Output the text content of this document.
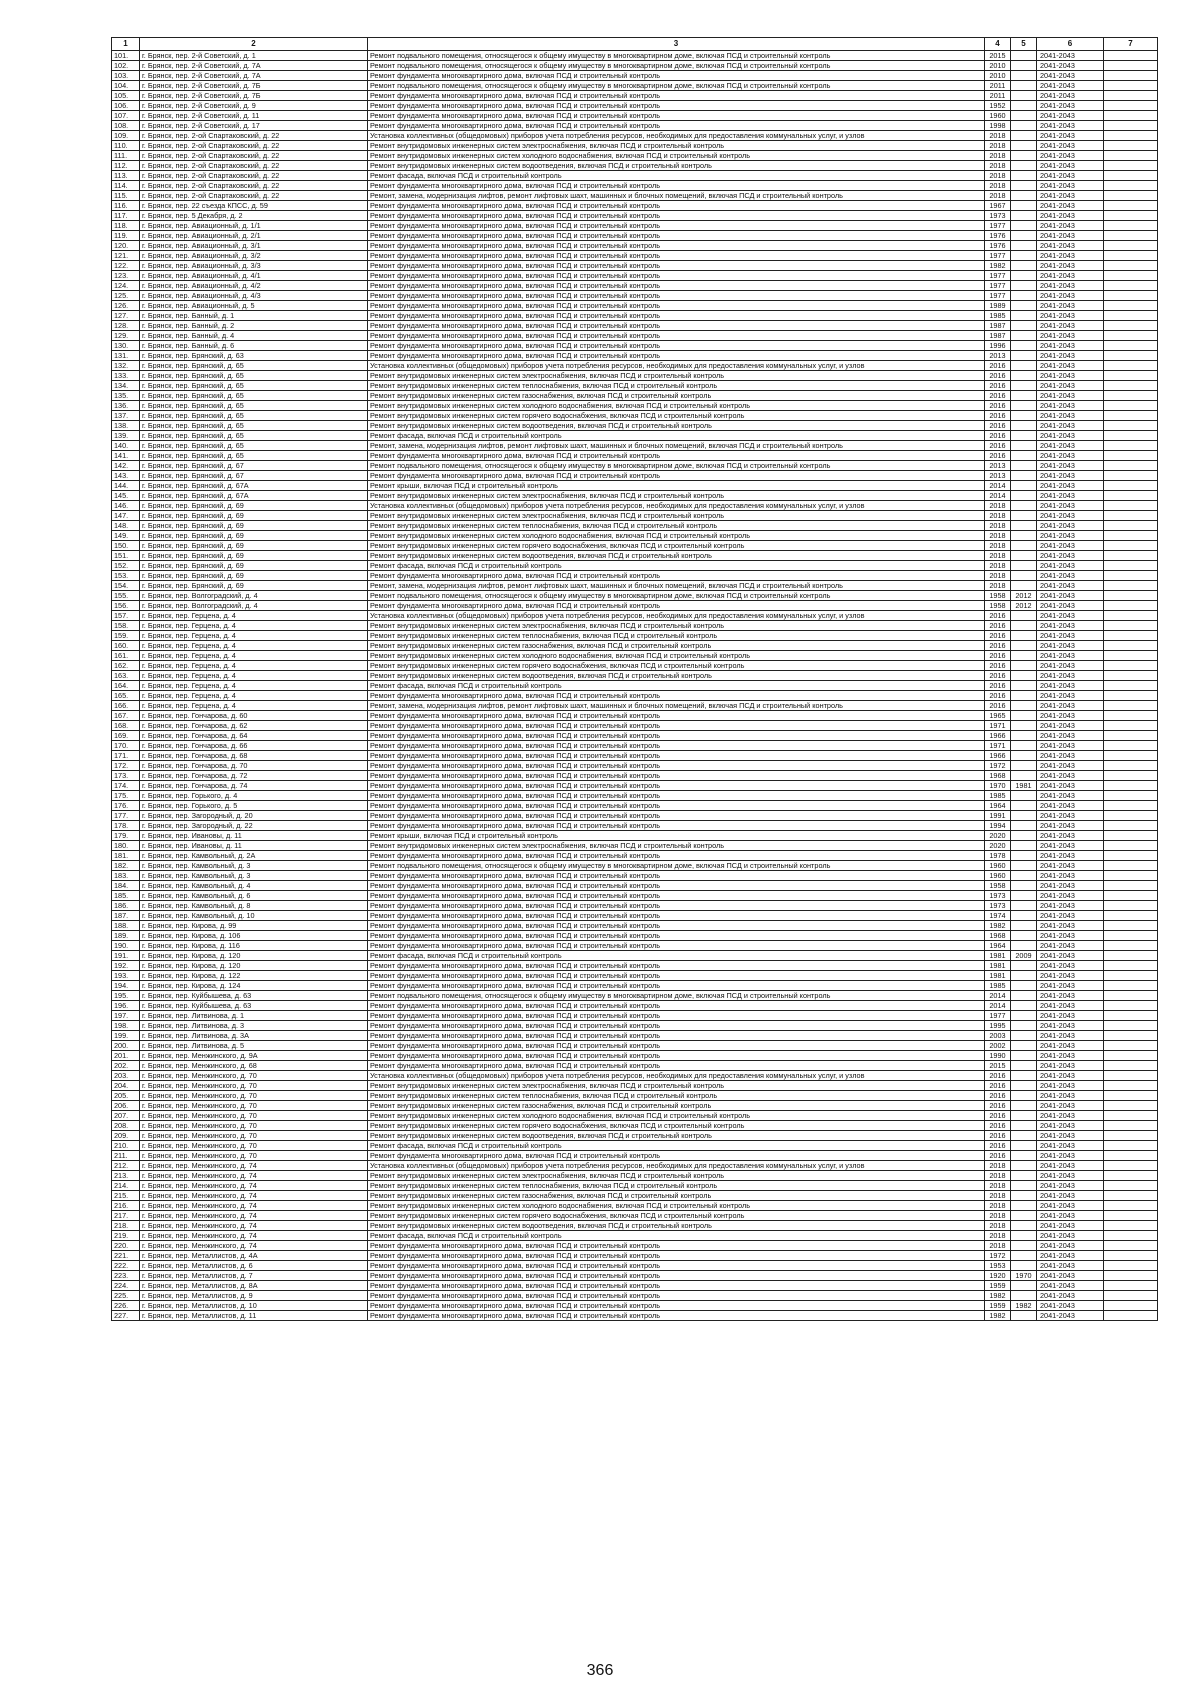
1	2	3	4	5	6	7
101.	г. Брянск, пер. 2-й Советский, д. 1	Ремонт подвального помещения, относящегося к общему имуществу в многоквартирном доме, включая ПСД и строительный контроль	2015		2041-2043	
102.	г. Брянск, пер. 2-й Советский, д. 7А	Ремонт подвального помещения, относящегося к общему имуществу в многоквартирном доме, включая ПСД и строительный контроль	2010		2041-2043	
103.	г. Брянск, пер. 2-й Советский, д. 7А	Ремонт фундамента многоквартирного дома, включая ПСД и строительный контроль	2010		2041-2043	
104.	г. Брянск, пер. 2-й Советский, д. 7Б	Ремонт подвального помещения, относящегося к общему имуществу в многоквартирном доме, включая ПСД и строительный контроль	2011		2041-2043	
105.	г. Брянск, пер. 2-й Советский, д. 7Б	Ремонт фундамента многоквартирного дома, включая ПСД и строительный контроль	2011		2041-2043	
106.	г. Брянск, пер. 2-й Советский, д. 9	Ремонт фундамента многоквартирного дома, включая ПСД и строительный контроль	1952		2041-2043	
107.	г. Брянск, пер. 2-й Советский, д. 11	Ремонт фундамента многоквартирного дома, включая ПСД и строительный контроль	1960		2041-2043	
108.	г. Брянск, пер. 2-й Советский, д. 17	Ремонт фундамента многоквартирного дома, включая ПСД и строительный контроль	1998		2041-2043	
109.	г. Брянск, пер. 2-ой Спартаковский, д. 22	Установка коллективных (общедомовых) приборов учета потребления ресурсов, необходимых для предоставления коммунальных услуг, и узлов	2018		2041-2043	
110.	г. Брянск, пер. 2-ой Спартаковский, д. 22	Ремонт внутридомовых инженерных систем электроснабжения, включая ПСД и строительный контроль	2018		2041-2043	
111.	г. Брянск, пер. 2-ой Спартаковский, д. 22	Ремонт внутридомовых инженерных систем холодного водоснабжения, включая ПСД и строительный контроль	2018		2041-2043	
112.	г. Брянск, пер. 2-ой Спартаковский, д. 22	Ремонт внутридомовых инженерных систем водоотведения, включая ПСД и строительный контроль	2018		2041-2043	
113.	г. Брянск, пер. 2-ой Спартаковский, д. 22	Ремонт фасада, включая ПСД и строительный контроль	2018		2041-2043	
114.	г. Брянск, пер. 2-ой Спартаковский, д. 22	Ремонт фундамента многоквартирного дома, включая ПСД и строительный контроль	2018		2041-2043	
115.	г. Брянск, пер. 2-ой Спартаковский, д. 22	Ремонт, замена, модернизация лифтов, ремонт лифтовых шахт, машинных и блочных помещений, включая ПСД и строительный контроль	2018		2041-2043	
116.	г. Брянск, пер. 22 съезда КПСС, д. 59	Ремонт фундамента многоквартирного дома, включая ПСД и строительный контроль	1967		2041-2043	
117.	г. Брянск, пер. 5 Декабря, д. 2	Ремонт фундамента многоквартирного дома, включая ПСД и строительный контроль	1973		2041-2043	
118.	г. Брянск, пер. Авиационный, д. 1/1	Ремонт фундамента многоквартирного дома, включая ПСД и строительный контроль	1977		2041-2043	
119.	г. Брянск, пер. Авиационный, д. 2/1	Ремонт фундамента многоквартирного дома, включая ПСД и строительный контроль	1976		2041-2043	
120.	г. Брянск, пер. Авиационный, д. 3/1	Ремонт фундамента многоквартирного дома, включая ПСД и строительный контроль	1976		2041-2043	
121.	г. Брянск, пер. Авиационный, д. 3/2	Ремонт фундамента многоквартирного дома, включая ПСД и строительный контроль	1977		2041-2043	
122.	г. Брянск, пер. Авиационный, д. 3/3	Ремонт фундамента многоквартирного дома, включая ПСД и строительный контроль	1982		2041-2043	
123.	г. Брянск, пер. Авиационный, д. 4/1	Ремонт фундамента многоквартирного дома, включая ПСД и строительный контроль	1977		2041-2043	
124.	г. Брянск, пер. Авиационный, д. 4/2	Ремонт фундамента многоквартирного дома, включая ПСД и строительный контроль	1977		2041-2043	
125.	г. Брянск, пер. Авиационный, д. 4/3	Ремонт фундамента многоквартирного дома, включая ПСД и строительный контроль	1977		2041-2043	
126.	г. Брянск, пер. Авиационный, д. 5	Ремонт фундамента многоквартирного дома, включая ПСД и строительный контроль	1989		2041-2043	
127.	г. Брянск, пер. Банный, д. 1	Ремонт фундамента многоквартирного дома, включая ПСД и строительный контроль	1985		2041-2043	
128.	г. Брянск, пер. Банный, д. 2	Ремонт фундамента многоквартирного дома, включая ПСД и строительный контроль	1987		2041-2043	
129.	г. Брянск, пер. Банный, д. 4	Ремонт фундамента многоквартирного дома, включая ПСД и строительный контроль	1987		2041-2043	
130.	г. Брянск, пер. Банный, д. 6	Ремонт фундамента многоквартирного дома, включая ПСД и строительный контроль	1996		2041-2043	
131.	г. Брянск, пер. Брянский, д. 63	Ремонт фундамента многоквартирного дома, включая ПСД и строительный контроль	2013		2041-2043	
132.	г. Брянск, пер. Брянский, д. 65	Установка коллективных (общедомовых) приборов учета потребления ресурсов, необходимых для предоставления коммунальных услуг, и узлов	2016		2041-2043	
133.	г. Брянск, пер. Брянский, д. 65	Ремонт внутридомовых инженерных систем электроснабжения, включая ПСД и строительный контроль	2016		2041-2043	
134.	г. Брянск, пер. Брянский, д. 65	Ремонт внутридомовых инженерных систем теплоснабжения, включая ПСД и строительный контроль	2016		2041-2043	
135.	г. Брянск, пер. Брянский, д. 65	Ремонт внутридомовых инженерных систем газоснабжения, включая ПСД и строительный контроль	2016		2041-2043	
136.	г. Брянск, пер. Брянский, д. 65	Ремонт внутридомовых инженерных систем холодного водоснабжения, включая ПСД и строительный контроль	2016		2041-2043	
137.	г. Брянск, пер. Брянский, д. 65	Ремонт внутридомовых инженерных систем горячего водоснабжения, включая ПСД и строительный контроль	2016		2041-2043	
138.	г. Брянск, пер. Брянский, д. 65	Ремонт внутридомовых инженерных систем водоотведения, включая ПСД и строительный контроль	2016		2041-2043	
139.	г. Брянск, пер. Брянский, д. 65	Ремонт фасада, включая ПСД и строительный контроль	2016		2041-2043	
140.	г. Брянск, пер. Брянский, д. 65	Ремонт, замена, модернизация лифтов, ремонт лифтовых шахт, машинных и блочных помещений, включая ПСД и строительный контроль	2016		2041-2043	
141.	г. Брянск, пер. Брянский, д. 65	Ремонт фундамента многоквартирного дома, включая ПСД и строительный контроль	2016		2041-2043	
142.	г. Брянск, пер. Брянский, д. 67	Ремонт подвального помещения, относящегося к общему имуществу в многоквартирном доме, включая ПСД и строительный контроль	2013		2041-2043	
143.	г. Брянск, пер. Брянский, д. 67	Ремонт фундамента многоквартирного дома, включая ПСД и строительный контроль	2013		2041-2043	
144.	г. Брянск, пер. Брянский, д. 67А	Ремонт крыши, включая ПСД и строительный контроль	2014		2041-2043	
145.	г. Брянск, пер. Брянский, д. 67А	Ремонт внутридомовых инженерных систем электроснабжения, включая ПСД и строительный контроль	2014		2041-2043	
146.	г. Брянск, пер. Брянский, д. 69	Установка коллективных (общедомовых) приборов учета потребления ресурсов, необходимых для предоставления коммунальных услуг, и узлов	2018		2041-2043	
147.	г. Брянск, пер. Брянский, д. 69	Ремонт внутридомовых инженерных систем электроснабжения, включая ПСД и строительный контроль	2018		2041-2043	
148.	г. Брянск, пер. Брянский, д. 69	Ремонт внутридомовых инженерных систем теплоснабжения, включая ПСД и строительный контроль	2018		2041-2043	
149.	г. Брянск, пер. Брянский, д. 69	Ремонт внутридомовых инженерных систем холодного водоснабжения, включая ПСД и строительный контроль	2018		2041-2043	
150.	г. Брянск, пер. Брянский, д. 69	Ремонт внутридомовых инженерных систем горячего водоснабжения, включая ПСД и строительный контроль	2018		2041-2043	
151.	г. Брянск, пер. Брянский, д. 69	Ремонт внутридомовых инженерных систем водоотведения, включая ПСД и строительный контроль	2018		2041-2043	
152.	г. Брянск, пер. Брянский, д. 69	Ремонт фасада, включая ПСД и строительный контроль	2018		2041-2043	
153.	г. Брянск, пер. Брянский, д. 69	Ремонт фундамента многоквартирного дома, включая ПСД и строительный контроль	2018		2041-2043	
154.	г. Брянск, пер. Брянский, д. 69	Ремонт, замена, модернизация лифтов, ремонт лифтовых шахт, машинных и блочных помещений, включая ПСД и строительный контроль	2018		2041-2043	
155.	г. Брянск, пер. Волгоградский, д. 4	Ремонт подвального помещения, относящегося к общему имуществу в многоквартирном доме, включая ПСД и строительный контроль	1958	2012	2041-2043	
156.	г. Брянск, пер. Волгоградский, д. 4	Ремонт фундамента многоквартирного дома, включая ПСД и строительный контроль	1958	2012	2041-2043	
157.	г. Брянск, пер. Герцена, д. 4	Установка коллективных (общедомовых) приборов учета потребления ресурсов, необходимых для предоставления коммунальных услуг, и узлов	2016		2041-2043	
158.	г. Брянск, пер. Герцена, д. 4	Ремонт внутридомовых инженерных систем электроснабжения, включая ПСД и строительный контроль	2016		2041-2043	
159.	г. Брянск, пер. Герцена, д. 4	Ремонт внутридомовых инженерных систем теплоснабжения, включая ПСД и строительный контроль	2016		2041-2043	
160.	г. Брянск, пер. Герцена, д. 4	Ремонт внутридомовых инженерных систем газоснабжения, включая ПСД и строительный контроль	2016		2041-2043	
161.	г. Брянск, пер. Герцена, д. 4	Ремонт внутридомовых инженерных систем холодного водоснабжения, включая ПСД и строительный контроль	2016		2041-2043	
162.	г. Брянск, пер. Герцена, д. 4	Ремонт внутридомовых инженерных систем горячего водоснабжения, включая ПСД и строительный контроль	2016		2041-2043	
163.	г. Брянск, пер. Герцена, д. 4	Ремонт внутридомовых инженерных систем водоотведения, включая ПСД и строительный контроль	2016		2041-2043	
164.	г. Брянск, пер. Герцена, д. 4	Ремонт фасада, включая ПСД и строительный контроль	2016		2041-2043	
165.	г. Брянск, пер. Герцена, д. 4	Ремонт фундамента многоквартирного дома, включая ПСД и строительный контроль	2016		2041-2043	
166.	г. Брянск, пер. Герцена, д. 4	Ремонт, замена, модернизация лифтов, ремонт лифтовых шахт, машинных и блочных помещений, включая ПСД и строительный контроль	2016		2041-2043	
167.	г. Брянск, пер. Гончарова, д. 60	Ремонт фундамента многоквартирного дома, включая ПСД и строительный контроль	1965		2041-2043	
168.	г. Брянск, пер. Гончарова, д. 62	Ремонт фундамента многоквартирного дома, включая ПСД и строительный контроль	1971		2041-2043	
169.	г. Брянск, пер. Гончарова, д. 64	Ремонт фундамента многоквартирного дома, включая ПСД и строительный контроль	1966		2041-2043	
170.	г. Брянск, пер. Гончарова, д. 66	Ремонт фундамента многоквартирного дома, включая ПСД и строительный контроль	1971		2041-2043	
171.	г. Брянск, пер. Гончарова, д. 68	Ремонт фундамента многоквартирного дома, включая ПСД и строительный контроль	1966		2041-2043	
172.	г. Брянск, пер. Гончарова, д. 70	Ремонт фундамента многоквартирного дома, включая ПСД и строительный контроль	1972		2041-2043	
173.	г. Брянск, пер. Гончарова, д. 72	Ремонт фундамента многоквартирного дома, включая ПСД и строительный контроль	1968		2041-2043	
174.	г. Брянск, пер. Гончарова, д. 74	Ремонт фундамента многоквартирного дома, включая ПСД и строительный контроль	1970	1981	2041-2043	
175.	г. Брянск, пер. Горького, д. 4	Ремонт фундамента многоквартирного дома, включая ПСД и строительный контроль	1985		2041-2043	
176.	г. Брянск, пер. Горького, д. 5	Ремонт фундамента многоквартирного дома, включая ПСД и строительный контроль	1964		2041-2043	
177.	г. Брянск, пер. Загородный, д. 20	Ремонт фундамента многоквартирного дома, включая ПСД и строительный контроль	1991		2041-2043	
178.	г. Брянск, пер. Загородный, д. 22	Ремонт фундамента многоквартирного дома, включая ПСД и строительный контроль	1994		2041-2043	
179.	г. Брянск, пер. Ивановы, д. 11	Ремонт крыши, включая ПСД и строительный контроль	2020		2041-2043	
180.	г. Брянск, пер. Ивановы, д. 11	Ремонт внутридомовых инженерных систем электроснабжения, включая ПСД и строительный контроль	2020		2041-2043	
181.	г. Брянск, пер. Камвольный, д. 2А	Ремонт фундамента многоквартирного дома, включая ПСД и строительный контроль	1978		2041-2043	
182.	г. Брянск, пер. Камвольный, д. 3	Ремонт подвального помещения, относящегося к общему имуществу в многоквартирном доме, включая ПСД и строительный контроль	1960		2041-2043	
183.	г. Брянск, пер. Камвольный, д. 3	Ремонт фундамента многоквартирного дома, включая ПСД и строительный контроль	1960		2041-2043	
184.	г. Брянск, пер. Камвольный, д. 4	Ремонт фундамента многоквартирного дома, включая ПСД и строительный контроль	1958		2041-2043	
185.	г. Брянск, пер. Камвольный, д. 6	Ремонт фундамента многоквартирного дома, включая ПСД и строительный контроль	1973		2041-2043	
186.	г. Брянск, пер. Камвольный, д. 8	Ремонт фундамента многоквартирного дома, включая ПСД и строительный контроль	1973		2041-2043	
187.	г. Брянск, пер. Камвольный, д. 10	Ремонт фундамента многоквартирного дома, включая ПСД и строительный контроль	1974		2041-2043	
188.	г. Брянск, пер. Кирова, д. 99	Ремонт фундамента многоквартирного дома, включая ПСД и строительный контроль	1982		2041-2043	
189.	г. Брянск, пер. Кирова, д. 106	Ремонт фундамента многоквартирного дома, включая ПСД и строительный контроль	1968		2041-2043	
190.	г. Брянск, пер. Кирова, д. 116	Ремонт фундамента многоквартирного дома, включая ПСД и строительный контроль	1964		2041-2043	
191.	г. Брянск, пер. Кирова, д. 120	Ремонт фасада, включая ПСД и строительный контроль	1981	2009	2041-2043	
192.	г. Брянск, пер. Кирова, д. 120	Ремонт фундамента многоквартирного дома, включая ПСД и строительный контроль	1981		2041-2043	
193.	г. Брянск, пер. Кирова, д. 122	Ремонт фундамента многоквартирного дома, включая ПСД и строительный контроль	1981		2041-2043	
194.	г. Брянск, пер. Кирова, д. 124	Ремонт фундамента многоквартирного дома, включая ПСД и строительный контроль	1985		2041-2043	
195.	г. Брянск, пер. Куйбышева, д. 63	Ремонт подвального помещения, относящегося к общему имуществу в многоквартирном доме, включая ПСД и строительный контроль	2014		2041-2043	
196.	г. Брянск, пер. Куйбышева, д. 63	Ремонт фундамента многоквартирного дома, включая ПСД и строительный контроль	2014		2041-2043	
197.	г. Брянск, пер. Литвинова, д. 1	Ремонт фундамента многоквартирного дома, включая ПСД и строительный контроль	1977		2041-2043	
198.	г. Брянск, пер. Литвинова, д. 3	Ремонт фундамента многоквартирного дома, включая ПСД и строительный контроль	1995		2041-2043	
199.	г. Брянск, пер. Литвинова, д. 3А	Ремонт фундамента многоквартирного дома, включая ПСД и строительный контроль	2003		2041-2043	
200.	г. Брянск, пер. Литвинова, д. 5	Ремонт фундамента многоквартирного дома, включая ПСД и строительный контроль	2002		2041-2043	
201.	г. Брянск, пер. Менжинского, д. 9А	Ремонт фундамента многоквартирного дома, включая ПСД и строительный контроль	1990		2041-2043	
202.	г. Брянск, пер. Менжинского, д. 68	Ремонт фундамента многоквартирного дома, включая ПСД и строительный контроль	2015		2041-2043	
203.	г. Брянск, пер. Менжинского, д. 70	Установка коллективных (общедомовых) приборов учета потребления ресурсов, необходимых для предоставления коммунальных услуг, и узлов	2016		2041-2043	
204.	г. Брянск, пер. Менжинского, д. 70	Ремонт внутридомовых инженерных систем электроснабжения, включая ПСД и строительный контроль	2016		2041-2043	
205.	г. Брянск, пер. Менжинского, д. 70	Ремонт внутридомовых инженерных систем теплоснабжения, включая ПСД и строительный контроль	2016		2041-2043	
206.	г. Брянск, пер. Менжинского, д. 70	Ремонт внутридомовых инженерных систем газоснабжения, включая ПСД и строительный контроль	2016		2041-2043	
207.	г. Брянск, пер. Менжинского, д. 70	Ремонт внутридомовых инженерных систем холодного водоснабжения, включая ПСД и строительный контроль	2016		2041-2043	
208.	г. Брянск, пер. Менжинского, д. 70	Ремонт внутридомовых инженерных систем горячего водоснабжения, включая ПСД и строительный контроль	2016		2041-2043	
209.	г. Брянск, пер. Менжинского, д. 70	Ремонт внутридомовых инженерных систем водоотведения, включая ПСД и строительный контроль	2016		2041-2043	
210.	г. Брянск, пер. Менжинского, д. 70	Ремонт фасада, включая ПСД и строительный контроль	2016		2041-2043	
211.	г. Брянск, пер. Менжинского, д. 70	Ремонт фундамента многоквартирного дома, включая ПСД и строительный контроль	2016		2041-2043	
212.	г. Брянск, пер. Менжинского, д. 74	Установка коллективных (общедомовых) приборов учета потребления ресурсов, необходимых для предоставления коммунальных услуг, и узлов	2018		2041-2043	
213.	г. Брянск, пер. Менжинского, д. 74	Ремонт внутридомовых инженерных систем электроснабжения, включая ПСД и строительный контроль	2018		2041-2043	
214.	г. Брянск, пер. Менжинского, д. 74	Ремонт внутридомовых инженерных систем теплоснабжения, включая ПСД и строительный контроль	2018		2041-2043	
215.	г. Брянск, пер. Менжинского, д. 74	Ремонт внутридомовых инженерных систем газоснабжения, включая ПСД и строительный контроль	2018		2041-2043	
216.	г. Брянск, пер. Менжинского, д. 74	Ремонт внутридомовых инженерных систем холодного водоснабжения, включая ПСД и строительный контроль	2018		2041-2043	
217.	г. Брянск, пер. Менжинского, д. 74	Ремонт внутридомовых инженерных систем горячего водоснабжения, включая ПСД и строительный контроль	2018		2041-2043	
218.	г. Брянск, пер. Менжинского, д. 74	Ремонт внутридомовых инженерных систем водоотведения, включая ПСД и строительный контроль	2018		2041-2043	
219.	г. Брянск, пер. Менжинского, д. 74	Ремонт фасада, включая ПСД и строительный контроль	2018		2041-2043	
220.	г. Брянск, пер. Менжинского, д. 74	Ремонт фундамента многоквартирного дома, включая ПСД и строительный контроль	2018		2041-2043	
221.	г. Брянск, пер. Металлистов, д. 4А	Ремонт фундамента многоквартирного дома, включая ПСД и строительный контроль	1972		2041-2043	
222.	г. Брянск, пер. Металлистов, д. 6	Ремонт фундамента многоквартирного дома, включая ПСД и строительный контроль	1953		2041-2043	
223.	г. Брянск, пер. Металлистов, д. 7	Ремонт фундамента многоквартирного дома, включая ПСД и строительный контроль	1920	1970	2041-2043	
224.	г. Брянск, пер. Металлистов, д. 8А	Ремонт фундамента многоквартирного дома, включая ПСД и строительный контроль	1959		2041-2043	
225.	г. Брянск, пер. Металлистов, д. 9	Ремонт фундамента многоквартирного дома, включая ПСД и строительный контроль	1982		2041-2043	
226.	г. Брянск, пер. Металлистов, д. 10	Ремонт фундамента многоквартирного дома, включая ПСД и строительный контроль	1959	1982	2041-2043	
227.	г. Брянск, пер. Металлистов, д. 11	Ремонт фундамента многоквартирного дома, включая ПСД и строительный контроль	1982		2041-2043	
366
